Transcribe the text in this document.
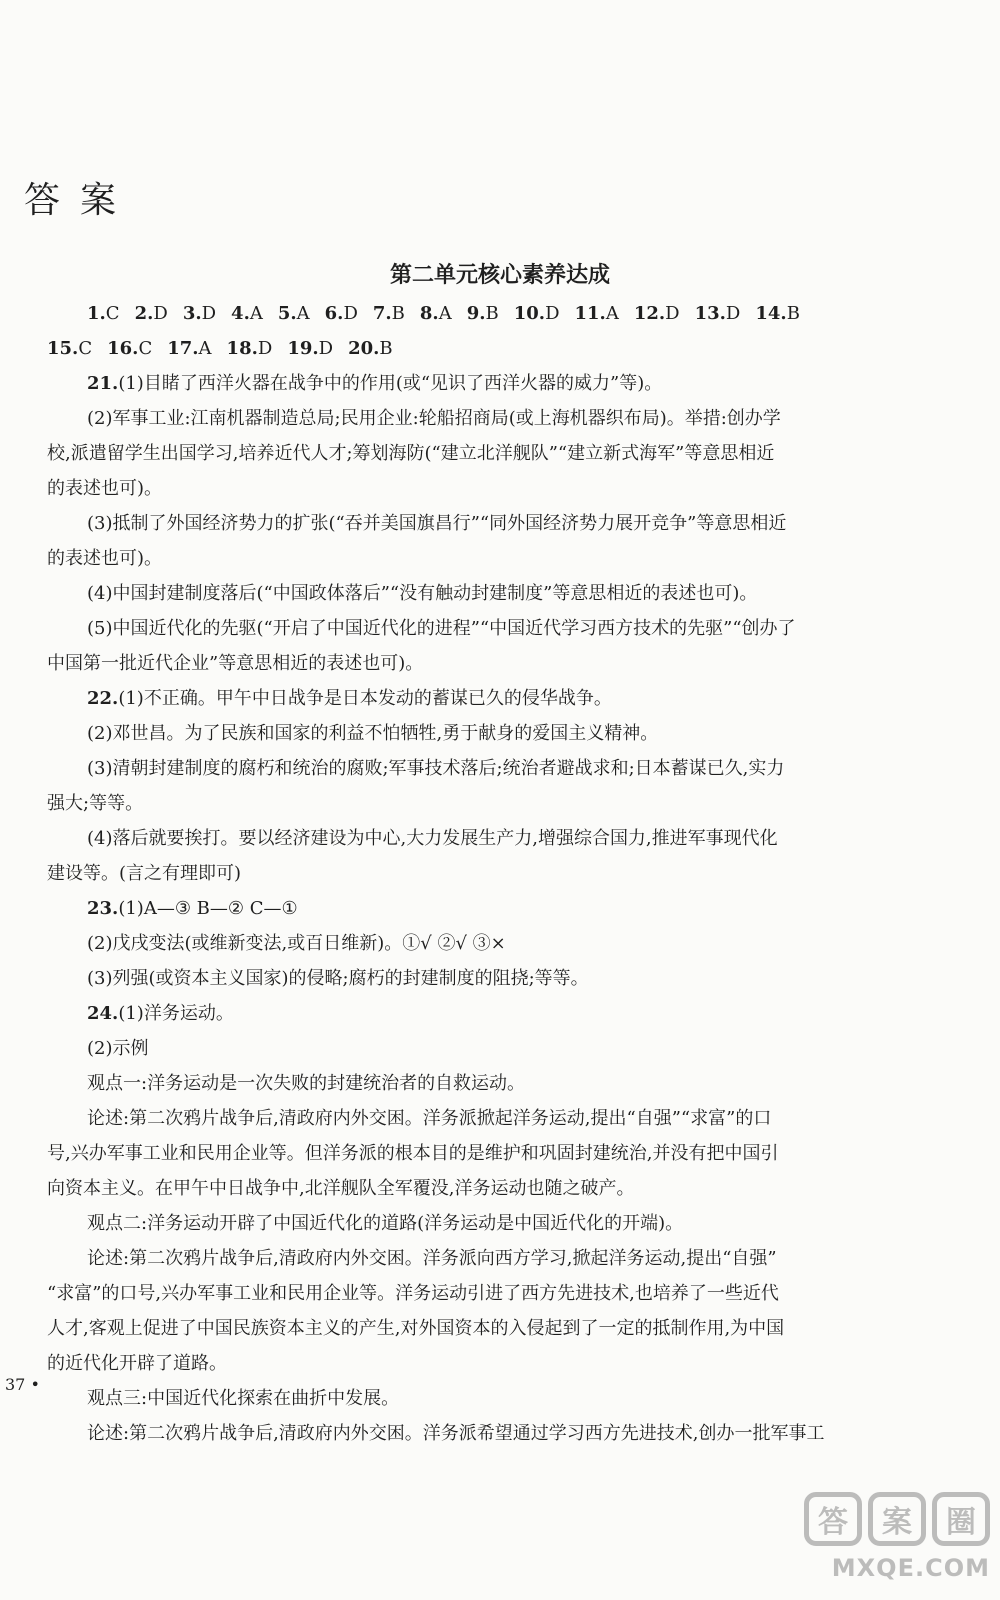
答案
第二单元核心素养达成
1.C 2.D 3.D 4.A 5.A 6.D 7.B 8.A 9.B 10.D 11.A 12.D 13.D 14.B
15.C 16.C 17.A 18.D 19.D 20.B
21.(1)目睹了西洋火器在战争中的作用(或“见识了西洋火器的威力”等)。
(2)军事工业:江南机器制造总局;民用企业:轮船招商局(或上海机器织布局)。举措:创办学
校,派遣留学生出国学习,培养近代人才;筹划海防(“建立北洋舰队”“建立新式海军”等意思相近
的表述也可)。
(3)抵制了外国经济势力的扩张(“吞并美国旗昌行”“同外国经济势力展开竞争”等意思相近
的表述也可)。
(4)中国封建制度落后(“中国政体落后”“没有触动封建制度”等意思相近的表述也可)。
(5)中国近代化的先驱(“开启了中国近代化的进程”“中国近代学习西方技术的先驱”“创办了
中国第一批近代企业”等意思相近的表述也可)。
22.(1)不正确。甲午中日战争是日本发动的蓄谋已久的侵华战争。
(2)邓世昌。为了民族和国家的利益不怕牺牲,勇于献身的爱国主义精神。
(3)清朝封建制度的腐朽和统治的腐败;军事技术落后;统治者避战求和;日本蓄谋已久,实力
强大;等等。
(4)落后就要挨打。要以经济建设为中心,大力发展生产力,增强综合国力,推进军事现代化
建设等。(言之有理即可)
23.(1)A—③ B—② C—①
(2)戊戌变法(或维新变法,或百日维新)。①√ ②√ ③×
(3)列强(或资本主义国家)的侵略;腐朽的封建制度的阻挠;等等。
24.(1)洋务运动。
(2)示例
观点一:洋务运动是一次失败的封建统治者的自救运动。
论述:第二次鸦片战争后,清政府内外交困。洋务派掀起洋务运动,提出“自强”“求富”的口
号,兴办军事工业和民用企业等。但洋务派的根本目的是维护和巩固封建统治,并没有把中国引
向资本主义。在甲午中日战争中,北洋舰队全军覆没,洋务运动也随之破产。
观点二:洋务运动开辟了中国近代化的道路(洋务运动是中国近代化的开端)。
论述:第二次鸦片战争后,清政府内外交困。洋务派向西方学习,掀起洋务运动,提出“自强”
“求富”的口号,兴办军事工业和民用企业等。洋务运动引进了西方先进技术,也培养了一些近代
人才,客观上促进了中国民族资本主义的产生,对外国资本的入侵起到了一定的抵制作用,为中国
的近代化开辟了道路。
观点三:中国近代化探索在曲折中发展。
论述:第二次鸦片战争后,清政府内外交困。洋务派希望通过学习西方先进技术,创办一批军事工
37 •
答	案	圈
MXQE.COM
